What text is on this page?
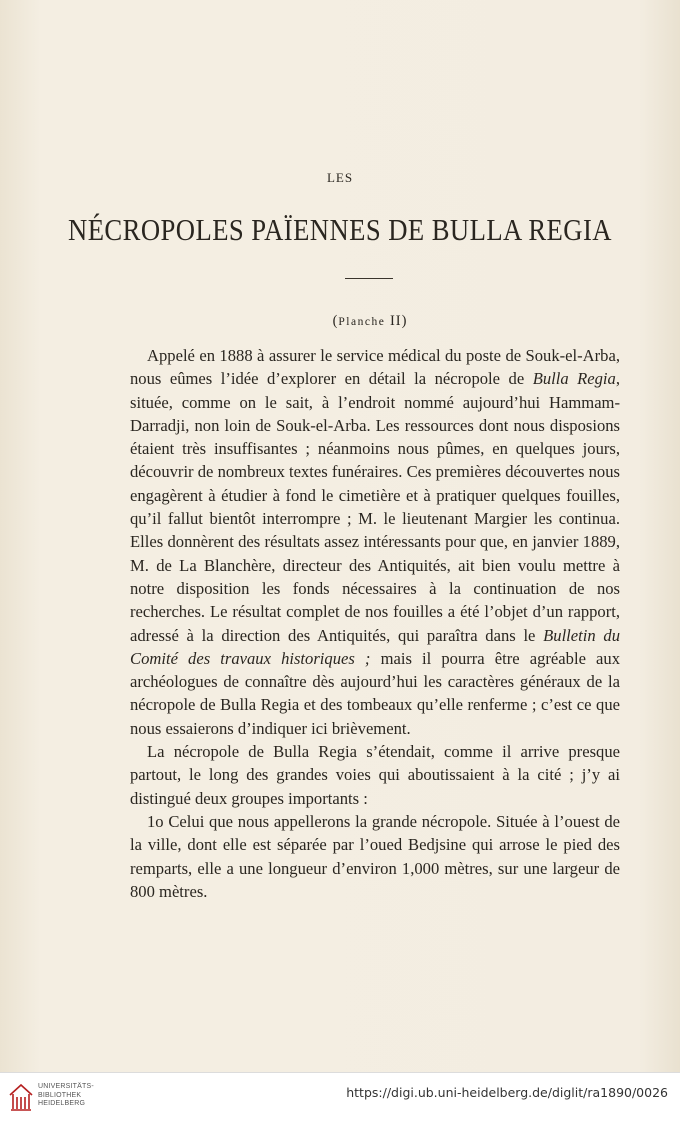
LES
NÉCROPOLES PAÏENNES DE BULLA REGIA
(Planche II)

Appelé en 1888 à assurer le service médical du poste de Souk-el-Arba, nous eûmes l’idée d’explorer en détail la nécropole de Bulla Regia, située, comme on le sait, à l’endroit nommé aujourd’hui Hammam-Darradji, non loin de Souk-el-Arba. Les ressources dont nous disposions étaient très insuffisantes ; néanmoins nous pûmes, en quelques jours, découvrir de nombreux textes funéraires. Ces premières découvertes nous engagèrent à étudier à fond le cimetière et à pratiquer quelques fouilles, qu’il fallut bientôt interrompre ; M. le lieutenant Margier les continua. Elles donnèrent des résultats assez intéressants pour que, en janvier 1889, M. de La Blanchère, directeur des Antiquités, ait bien voulu mettre à notre disposition les fonds nécessaires à la continuation de nos recherches. Le résultat complet de nos fouilles a été l’objet d’un rapport, adressé à la direction des Antiquités, qui paraîtra dans le Bulletin du Comité des travaux historiques ; mais il pourra être agréable aux archéologues de connaître dès aujourd’hui les caractères généraux de la nécropole de Bulla Regia et des tombeaux qu’elle renferme ; c’est ce que nous essaierons d’indiquer ici brièvement.

La nécropole de Bulla Regia s’étendait, comme il arrive presque partout, le long des grandes voies qui aboutissaient à la cité ; j’y ai distingué deux groupes importants :

1o Celui que nous appellerons la grande nécropole. Située à l’ouest de la ville, dont elle est séparée par l’oued Bedjsine qui arrose le pied des remparts, elle a une longueur d’environ 1,000 mètres, sur une largeur de 800 mètres.

UNIVERSITÄTS-
BIBLIOTHEK
HEIDELBERG
https://digi.ub.uni-heidelberg.de/diglit/ra1890/0026
